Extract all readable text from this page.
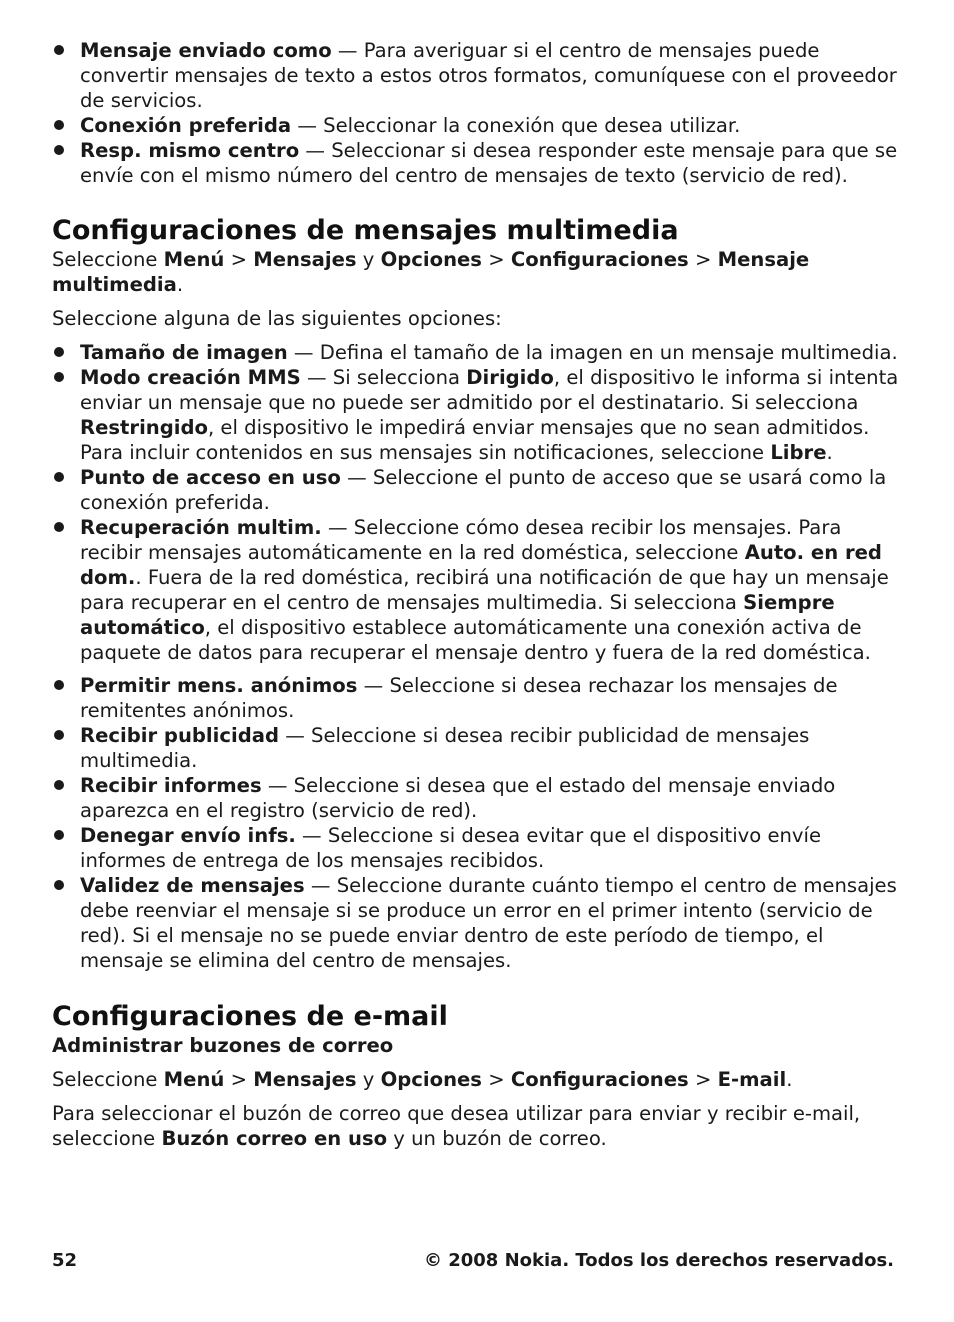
Mensaje enviado como — Para averiguar si el centro de mensajes puede convertir mensajes de texto a estos otros formatos, comuníquese con el proveedor de servicios.
Conexión preferida — Seleccionar la conexión que desea utilizar.
Resp. mismo centro — Seleccionar si desea responder este mensaje para que se envíe con el mismo número del centro de mensajes de texto (servicio de red).
Configuraciones de mensajes multimedia

Seleccione Menú > Mensajes y Opciones > Configuraciones > Mensaje multimedia.

Seleccione alguna de las siguientes opciones:

Tamaño de imagen — Defina el tamaño de la imagen en un mensaje multimedia.
Modo creación MMS — Si selecciona Dirigido, el dispositivo le informa si intenta enviar un mensaje que no puede ser admitido por el destinatario. Si selecciona Restringido, el dispositivo le impedirá enviar mensajes que no sean admitidos. Para incluir contenidos en sus mensajes sin notificaciones, seleccione Libre.
Punto de acceso en uso — Seleccione el punto de acceso que se usará como la conexión preferida.
Recuperación multim. — Seleccione cómo desea recibir los mensajes. Para recibir mensajes automáticamente en la red doméstica, seleccione Auto. en red dom.. Fuera de la red doméstica, recibirá una notificación de que hay un mensaje para recuperar en el centro de mensajes multimedia. Si selecciona Siempre automático, el dispositivo establece automáticamente una conexión activa de paquete de datos para recuperar el mensaje dentro y fuera de la red doméstica.
Permitir mens. anónimos — Seleccione si desea rechazar los mensajes de remitentes anónimos.
Recibir publicidad — Seleccione si desea recibir publicidad de mensajes multimedia.
Recibir informes — Seleccione si desea que el estado del mensaje enviado aparezca en el registro (servicio de red).
Denegar envío infs. — Seleccione si desea evitar que el dispositivo envíe informes de entrega de los mensajes recibidos.
Validez de mensajes — Seleccione durante cuánto tiempo el centro de mensajes debe reenviar el mensaje si se produce un error en el primer intento (servicio de red). Si el mensaje no se puede enviar dentro de este período de tiempo, el mensaje se elimina del centro de mensajes.
Configuraciones de e-mail
Administrar buzones de correo

Seleccione Menú > Mensajes y Opciones > Configuraciones > E-mail.

Para seleccionar el buzón de correo que desea utilizar para enviar y recibir e-mail, seleccione Buzón correo en uso y un buzón de correo.

52	© 2008 Nokia. Todos los derechos reservados.
